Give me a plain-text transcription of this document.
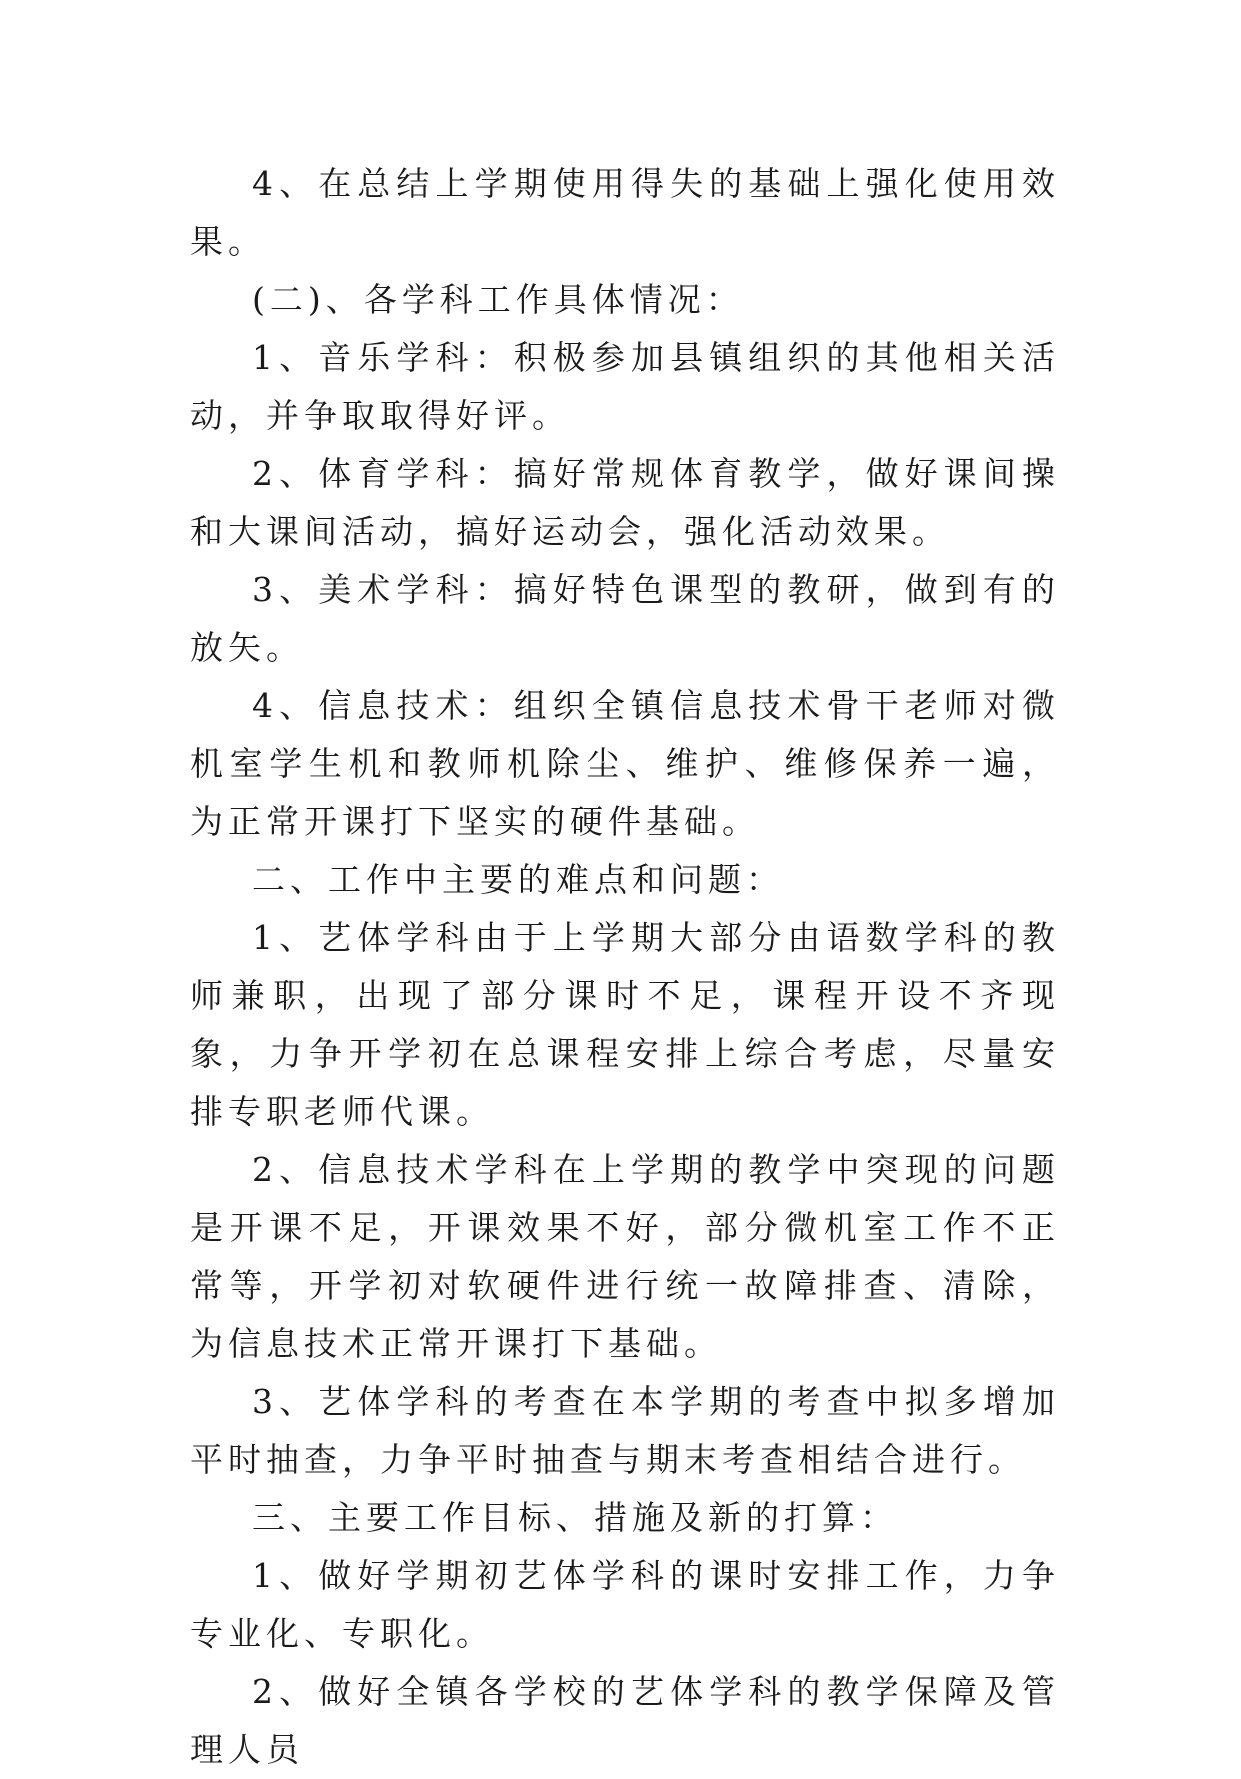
4、在总结上学期使用得失的基础上强化使用效果。

(二)、各学科工作具体情况：

1、音乐学科：积极参加县镇组织的其他相关活动，并争取取得好评。

2、体育学科：搞好常规体育教学，做好课间操和大课间活动，搞好运动会，强化活动效果。

3、美术学科：搞好特色课型的教研，做到有的放矢。

4、信息技术：组织全镇信息技术骨干老师对微机室学生机和教师机除尘、维护、维修保养一遍，为正常开课打下坚实的硬件基础。

二、工作中主要的难点和问题：

1、艺体学科由于上学期大部分由语数学科的教师兼职，出现了部分课时不足，课程开设不齐现象，力争开学初在总课程安排上综合考虑，尽量安排专职老师代课。

2、信息技术学科在上学期的教学中突现的问题是开课不足，开课效果不好，部分微机室工作不正常等，开学初对软硬件进行统一故障排查、清除，为信息技术正常开课打下基础。

3、艺体学科的考查在本学期的考查中拟多增加平时抽查，力争平时抽查与期末考查相结合进行。

三、主要工作目标、措施及新的打算：

1、做好学期初艺体学科的课时安排工作，力争专业化、专职化。

2、做好全镇各学校的艺体学科的教学保障及管理人员
